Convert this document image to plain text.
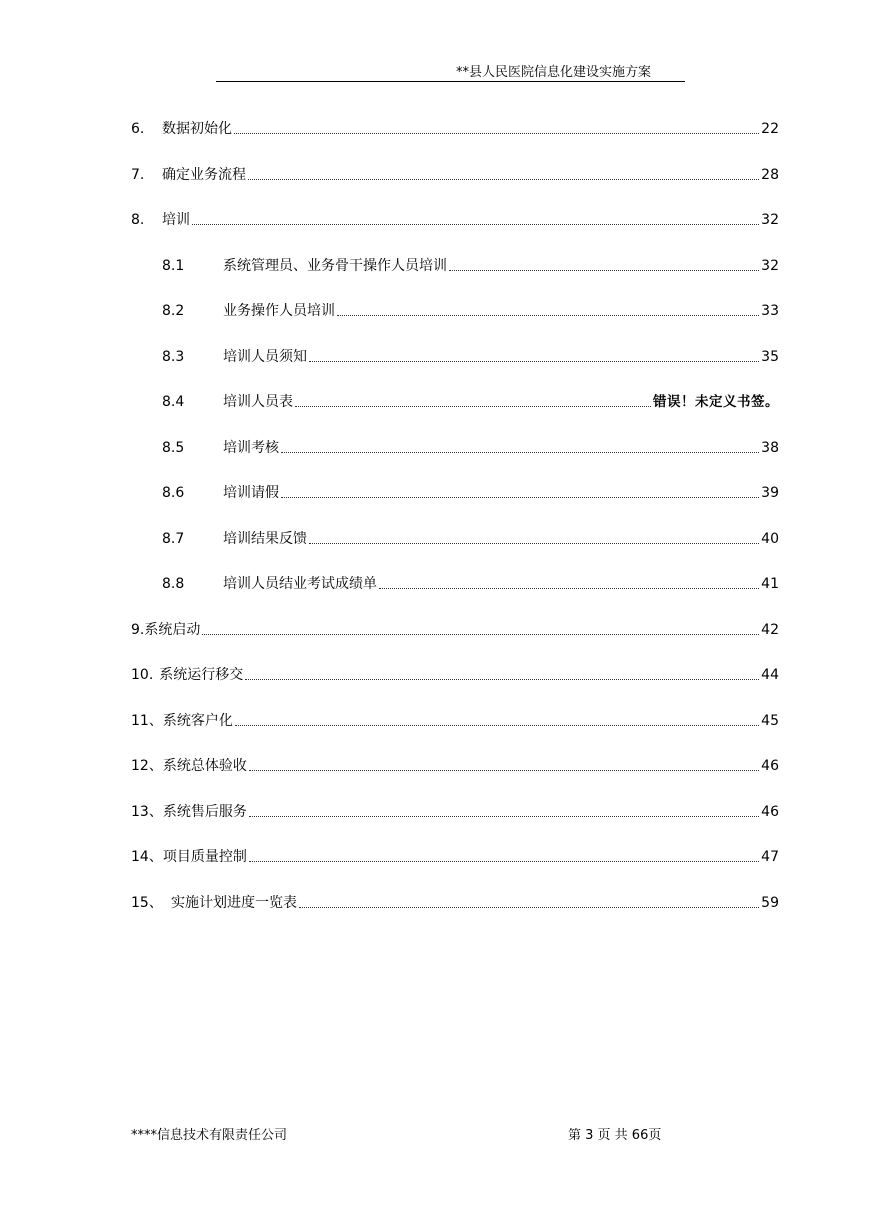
**县人民医院信息化建设实施方案
6.	数据初始化	22
7.	确定业务流程	28
8.	培训	32
8.1	系统管理员、业务骨干操作人员培训	32
8.2	业务操作人员培训	33
8.3	培训人员须知	35
8.4	培训人员表	错误！未定义书签。
8.5	培训考核	38
8.6	培训请假	39
8.7	培训结果反馈	40
8.8	培训人员结业考试成绩单	41
9. 系统启动	42
10. 系统运行移交	44
11、 系统客户化	45
12、 系统总体验收	46
13、 系统售后服务	46
14、 项目质量控制	47
15、 实施计划进度一览表	59
****信息技术有限责任公司	第 3 页 共 66页
